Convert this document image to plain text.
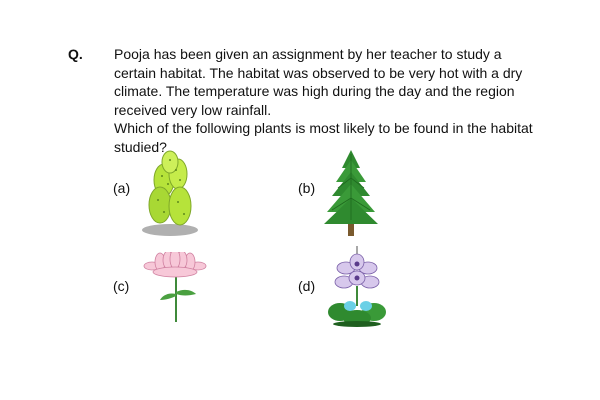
Q. Pooja has been given an assignment by her teacher to study a certain habitat. The habitat was observed to be very hot with a dry climate. The temperature was high during the day and the region received very low rainfall.

Which of the following plants is most likely to be found in the habitat studied?

(a)	(b)
(c)	(d)
